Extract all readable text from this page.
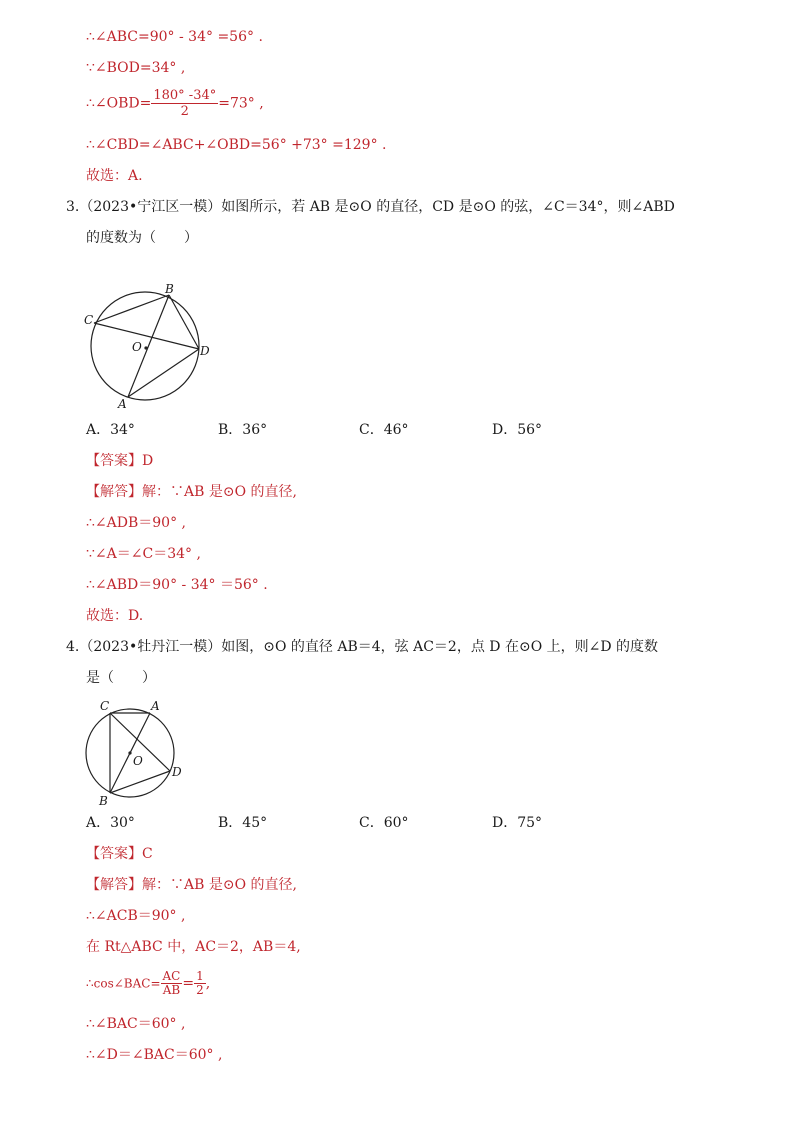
∴∠ABC=90° - 34° =56° .
∵∠BOD=34° ,
∴∠OBD= $\frac{180^\circ -34^\circ}{2} =73^\circ$ ,
∴∠CBD=∠ABC+∠OBD=56° +73° =129° .
故选：A.
3.（2023•宁江区一模）如图所示，若 AB 是⊙O 的直径，CD 是⊙O 的弦，∠C＝34°，则∠ABD
的度数为（　　）
B
C
O	D
A
A．34°	B．36°	C．46°	D．56°
【答案】D
【解答】解：∵AB 是⊙O 的直径,
∴∠ADB＝90° ,
∵∠A＝∠C＝34° ,
∴∠ABD＝90° - 34° ＝56° .
故选：D.
4.（2023•牡丹江一模）如图，⊙O 的直径 AB＝4，弦 AC＝2，点 D 在⊙O 上，则∠D 的度数
是（　　）
C	A
O
D
B
A．30°	B．45°	C．60°	D．75°
【答案】C
【解答】解：∵AB 是⊙O 的直径,
∴∠ACB＝90° ,
在 Rt△ABC 中，AC＝2，AB＝4,
∴cos∠BAC= $\frac{AC}{AB} = \frac{1}{2}$ ,
∴∠BAC＝60° ,
∴∠D＝∠BAC＝60° ,
